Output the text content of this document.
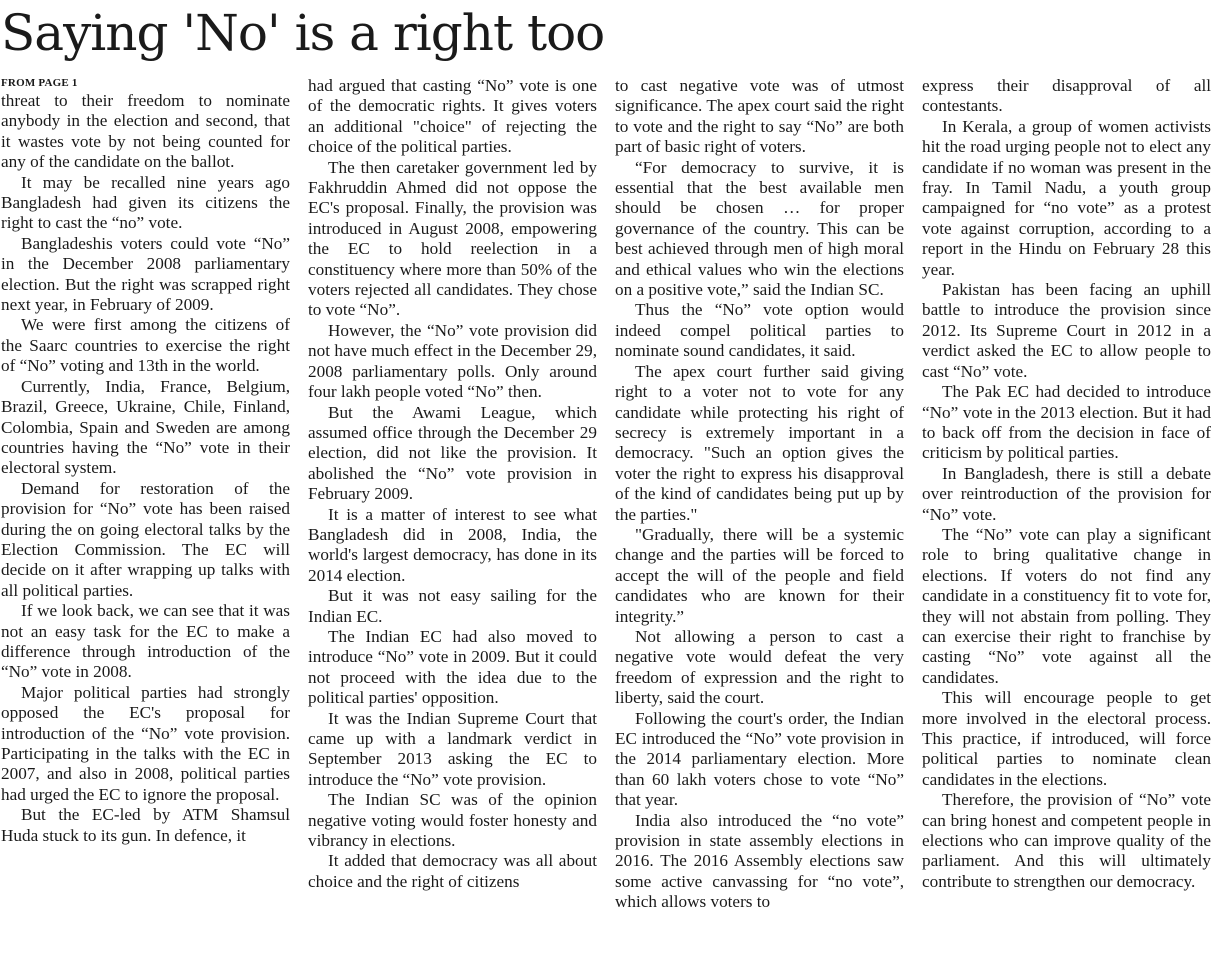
Saying 'No' is a right too
FROM PAGE 1

threat to their freedom to nominate anybody in the election and second, that it wastes vote by not being counted for any of the candidate on the ballot.

It may be recalled nine years ago Bangladesh had given its citizens the right to cast the “no” vote.

Bangladeshis voters could vote “No” in the December 2008 parliamentary election. But the right was scrapped right next year, in February of 2009.

We were first among the citizens of the Saarc countries to exercise the right of “No” voting and 13th in the world.

Currently, India, France, Belgium, Brazil, Greece, Ukraine, Chile, Finland, Colombia, Spain and Sweden are among countries having the “No” vote in their electoral system.

Demand for restoration of the provision for “No” vote has been raised during the on going electoral talks by the Election Commission. The EC will decide on it after wrapping up talks with all political parties.

If we look back, we can see that it was not an easy task for the EC to make a difference through introduction of the “No” vote in 2008.

Major political parties had strongly opposed the EC's proposal for introduction of the “No” vote provision. Participating in the talks with the EC in 2007, and also in 2008, political parties had urged the EC to ignore the proposal.

But the EC-led by ATM Shamsul Huda stuck to its gun. In defence, it

had argued that casting “No” vote is one of the democratic rights. It gives voters an additional "choice" of rejecting the choice of the political parties.

The then caretaker government led by Fakhruddin Ahmed did not oppose the EC's proposal. Finally, the provision was introduced in August 2008, empowering the EC to hold reelection in a constituency where more than 50% of the voters rejected all candidates. They chose to vote “No”.

However, the “No” vote provision did not have much effect in the December 29, 2008 parliamentary polls. Only around four lakh people voted “No” then.

But the Awami League, which assumed office through the December 29 election, did not like the provision. It abolished the “No” vote provision in February 2009.

It is a matter of interest to see what Bangladesh did in 2008, India, the world's largest democracy, has done in its 2014 election.

But it was not easy sailing for the Indian EC.

The Indian EC had also moved to introduce “No” vote in 2009. But it could not proceed with the idea due to the political parties' opposition.

It was the Indian Supreme Court that came up with a landmark verdict in September 2013 asking the EC to introduce the “No” vote provision.

The Indian SC was of the opinion negative voting would foster honesty and vibrancy in elections.

It added that democracy was all about choice and the right of citizens

to cast negative vote was of utmost significance. The apex court said the right to vote and the right to say “No” are both part of basic right of voters.

“For democracy to survive, it is essential that the best available men should be chosen … for proper governance of the country. This can be best achieved through men of high moral and ethical values who win the elections on a positive vote,” said the Indian SC.

Thus the “No” vote option would indeed compel political parties to nominate sound candidates, it said.

The apex court further said giving right to a voter not to vote for any candidate while protecting his right of secrecy is extremely important in a democracy. "Such an option gives the voter the right to express his disapproval of the kind of candidates being put up by the parties."

"Gradually, there will be a systemic change and the parties will be forced to accept the will of the people and field candidates who are known for their integrity.”

Not allowing a person to cast a negative vote would defeat the very freedom of expression and the right to liberty, said the court.

Following the court's order, the Indian EC introduced the “No” vote provision in the 2014 parliamentary election. More than 60 lakh voters chose to vote “No” that year.

India also introduced the “no vote” provision in state assembly elections in 2016. The 2016 Assembly elections saw some active canvassing for “no vote”, which allows voters to

express their disapproval of all contestants.

In Kerala, a group of women activists hit the road urging people not to elect any candidate if no woman was present in the fray. In Tamil Nadu, a youth group campaigned for “no vote” as a protest vote against corruption, according to a report in the Hindu on February 28 this year.

Pakistan has been facing an uphill battle to introduce the provision since 2012. Its Supreme Court in 2012 in a verdict asked the EC to allow people to cast “No” vote.

The Pak EC had decided to introduce “No” vote in the 2013 election. But it had to back off from the decision in face of criticism by political parties.

In Bangladesh, there is still a debate over reintroduction of the provision for “No” vote.

The “No” vote can play a significant role to bring qualitative change in elections. If voters do not find any candidate in a constituency fit to vote for, they will not abstain from polling. They can exercise their right to franchise by casting “No” vote against all the candidates.

This will encourage people to get more involved in the electoral process. This practice, if introduced, will force political parties to nominate clean candidates in the elections.

Therefore, the provision of “No” vote can bring honest and competent people in elections who can improve quality of the parliament. And this will ultimately contribute to strengthen our democracy.
